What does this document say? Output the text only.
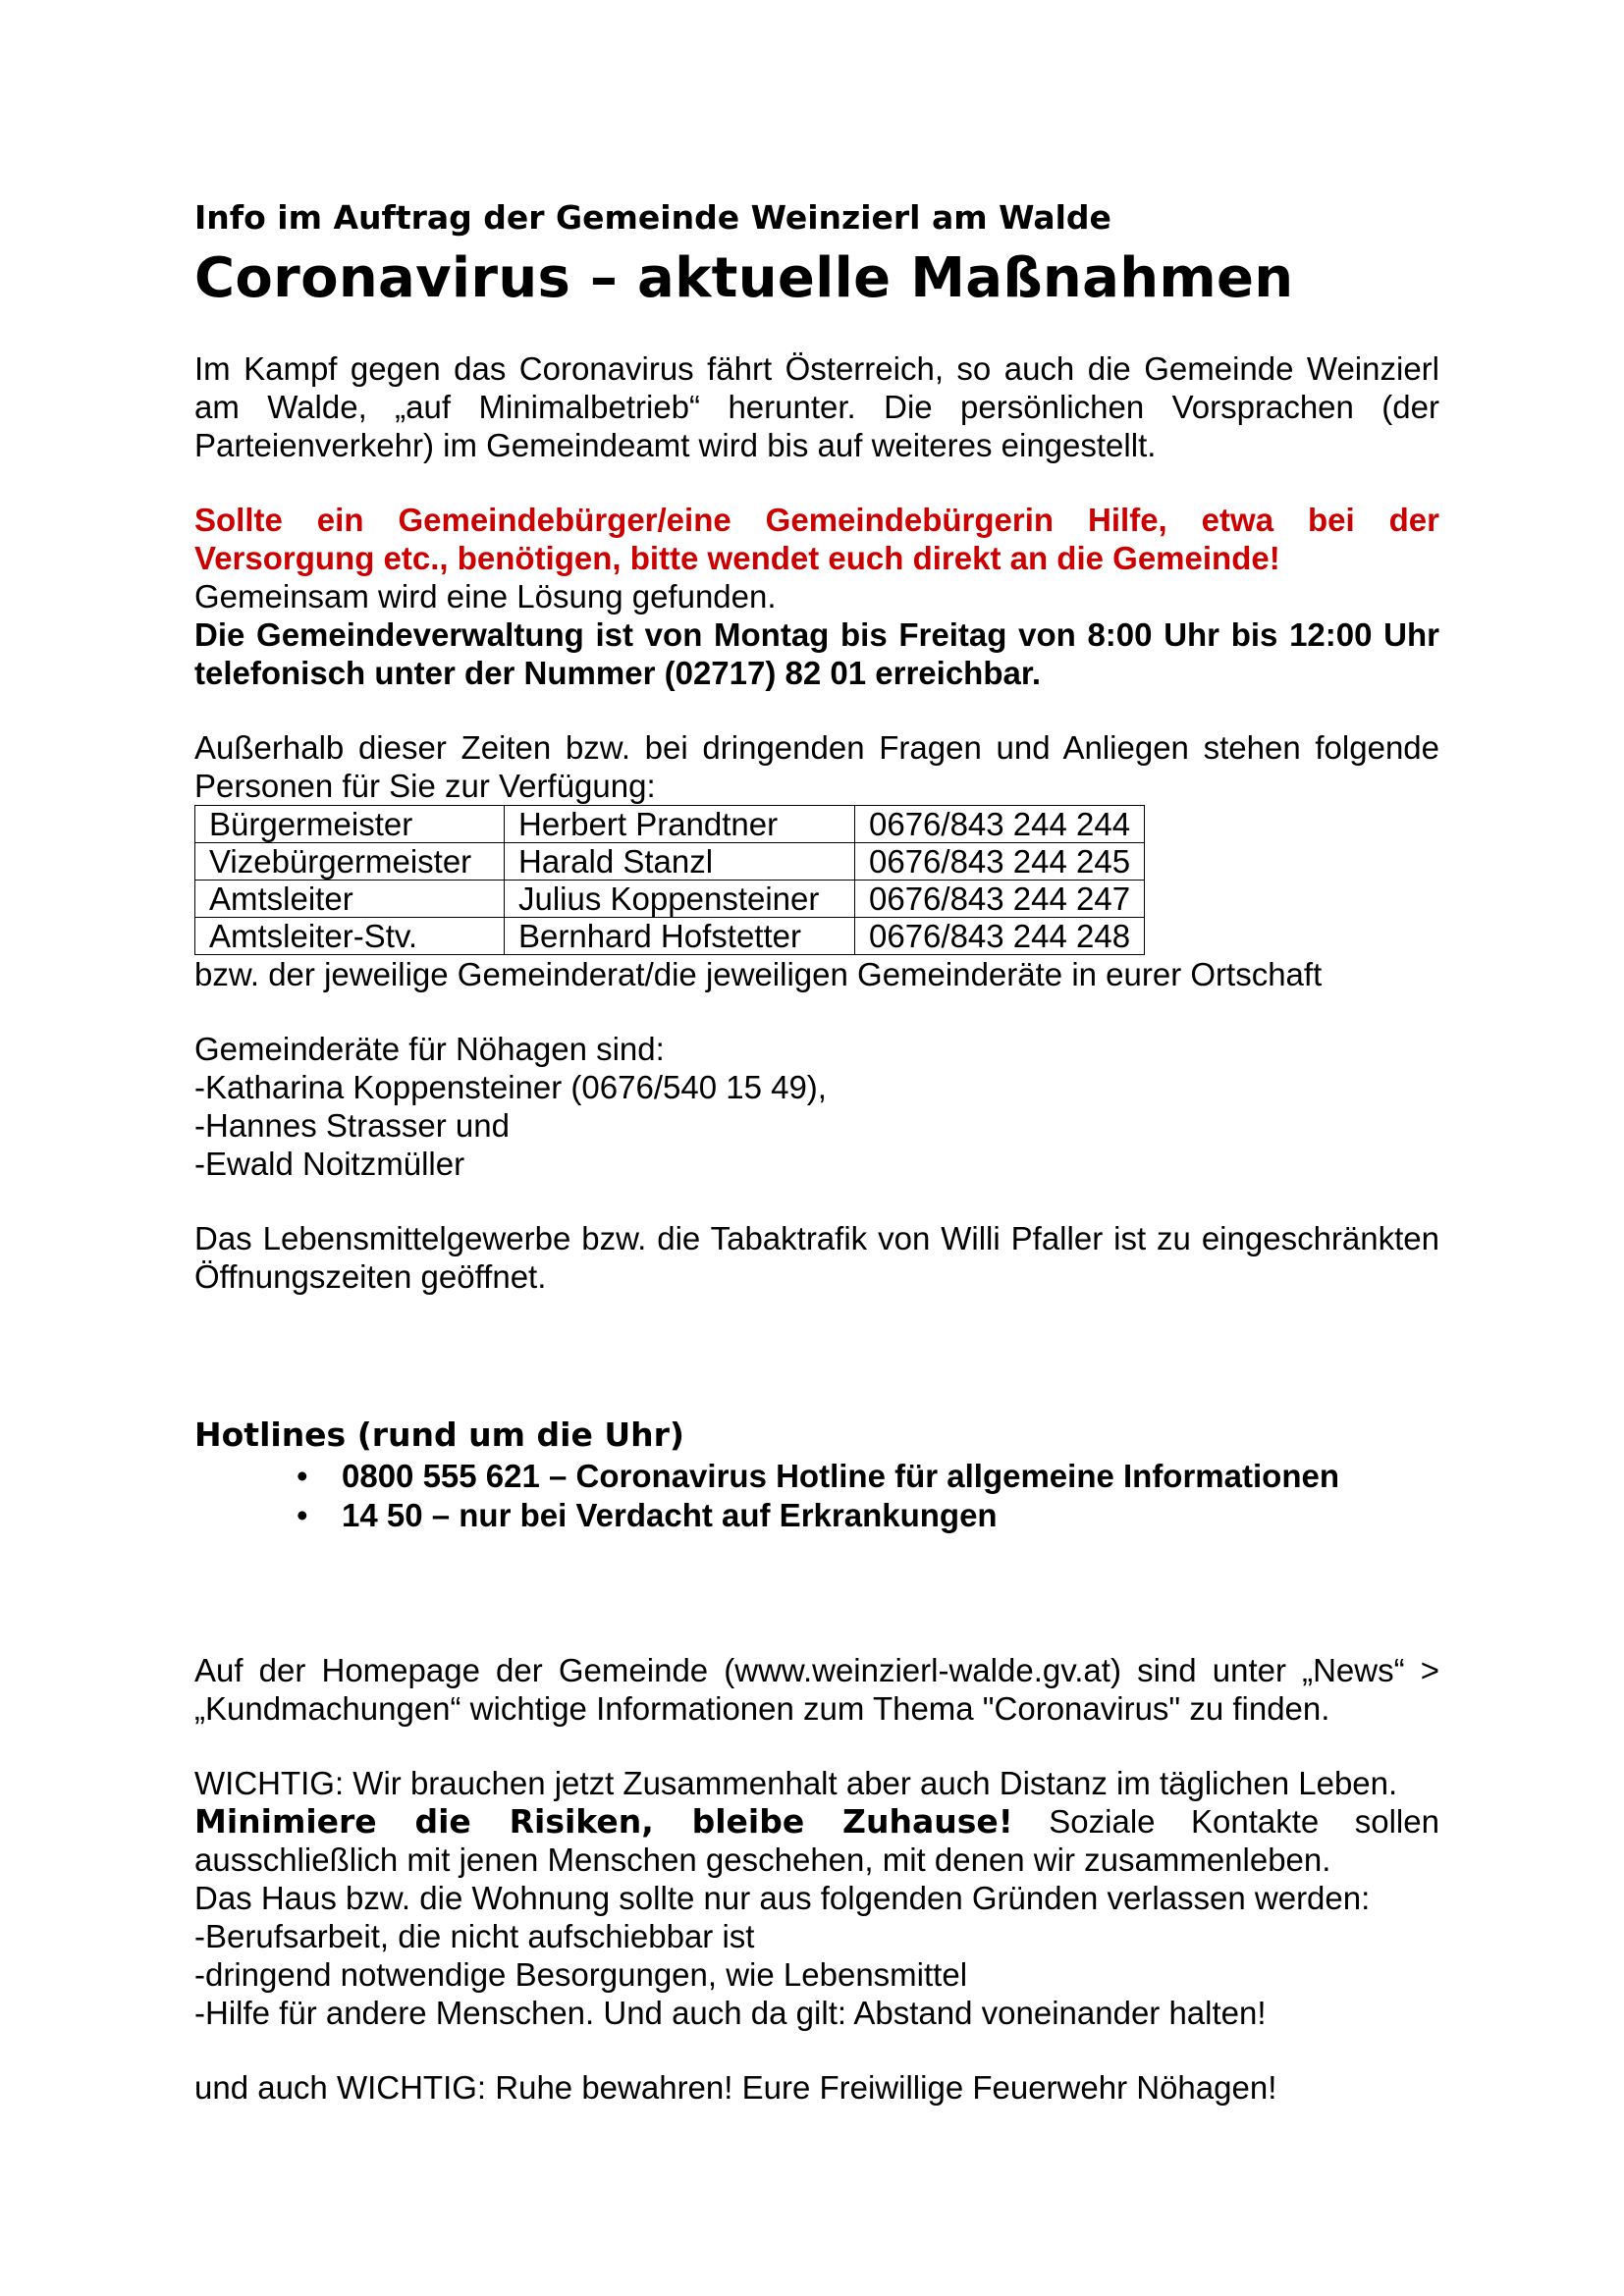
Info im Auftrag der Gemeinde Weinzierl am Walde
Coronavirus – aktuelle Maßnahmen

Im Kampf gegen das Coronavirus fährt Österreich, so auch die Gemeinde Weinzierl am Walde, „auf Minimalbetrieb“ herunter. Die persönlichen Vorsprachen (der Parteienverkehr) im Gemeindeamt wird bis auf weiteres eingestellt.

Sollte ein Gemeindebürger/eine Gemeindebürgerin Hilfe, etwa bei der Versorgung etc., benötigen, bitte wendet euch direkt an die Gemeinde!

Gemeinsam wird eine Lösung gefunden.

Die Gemeindeverwaltung ist von Montag bis Freitag von 8:00 Uhr bis 12:00 Uhr telefonisch unter der Nummer (02717) 82 01 erreichbar.

Außerhalb dieser Zeiten bzw. bei dringenden Fragen und Anliegen stehen folgende Personen für Sie zur Verfügung:

Bürgermeister	Herbert Prandtner	0676/843 244 244
Vizebürgermeister	Harald Stanzl	0676/843 244 245
Amtsleiter	Julius Koppensteiner	0676/843 244 247
Amtsleiter-Stv.	Bernhard Hofstetter	0676/843 244 248

bzw. der jeweilige Gemeinderat/die jeweiligen Gemeinderäte in eurer Ortschaft

Gemeinderäte für Nöhagen sind:

-Katharina Koppensteiner (0676/540 15 49),

-Hannes Strasser und

-Ewald Noitzmüller

Das Lebensmittelgewerbe bzw. die Tabaktrafik von Willi Pfaller ist zu eingeschränkten Öffnungszeiten geöffnet.

Hotlines (rund um die Uhr)
• 0800 555 621 – Coronavirus Hotline für allgemeine Informationen
• 14 50 – nur bei Verdacht auf Erkrankungen

Auf der Homepage der Gemeinde (www.weinzierl-walde.gv.at) sind unter „News“ > „Kundmachungen“ wichtige Informationen zum Thema "Coronavirus" zu finden.

WICHTIG: Wir brauchen jetzt Zusammenhalt aber auch Distanz im täglichen Leben.

Minimiere die Risiken, bleibe Zuhause! Soziale Kontakte sollen ausschließlich mit jenen Menschen geschehen, mit denen wir zusammenleben.

Das Haus bzw. die Wohnung sollte nur aus folgenden Gründen verlassen werden:

-Berufsarbeit, die nicht aufschiebbar ist

-dringend notwendige Besorgungen, wie Lebensmittel

-Hilfe für andere Menschen. Und auch da gilt: Abstand voneinander halten!

und auch WICHTIG: Ruhe bewahren! Eure Freiwillige Feuerwehr Nöhagen!
